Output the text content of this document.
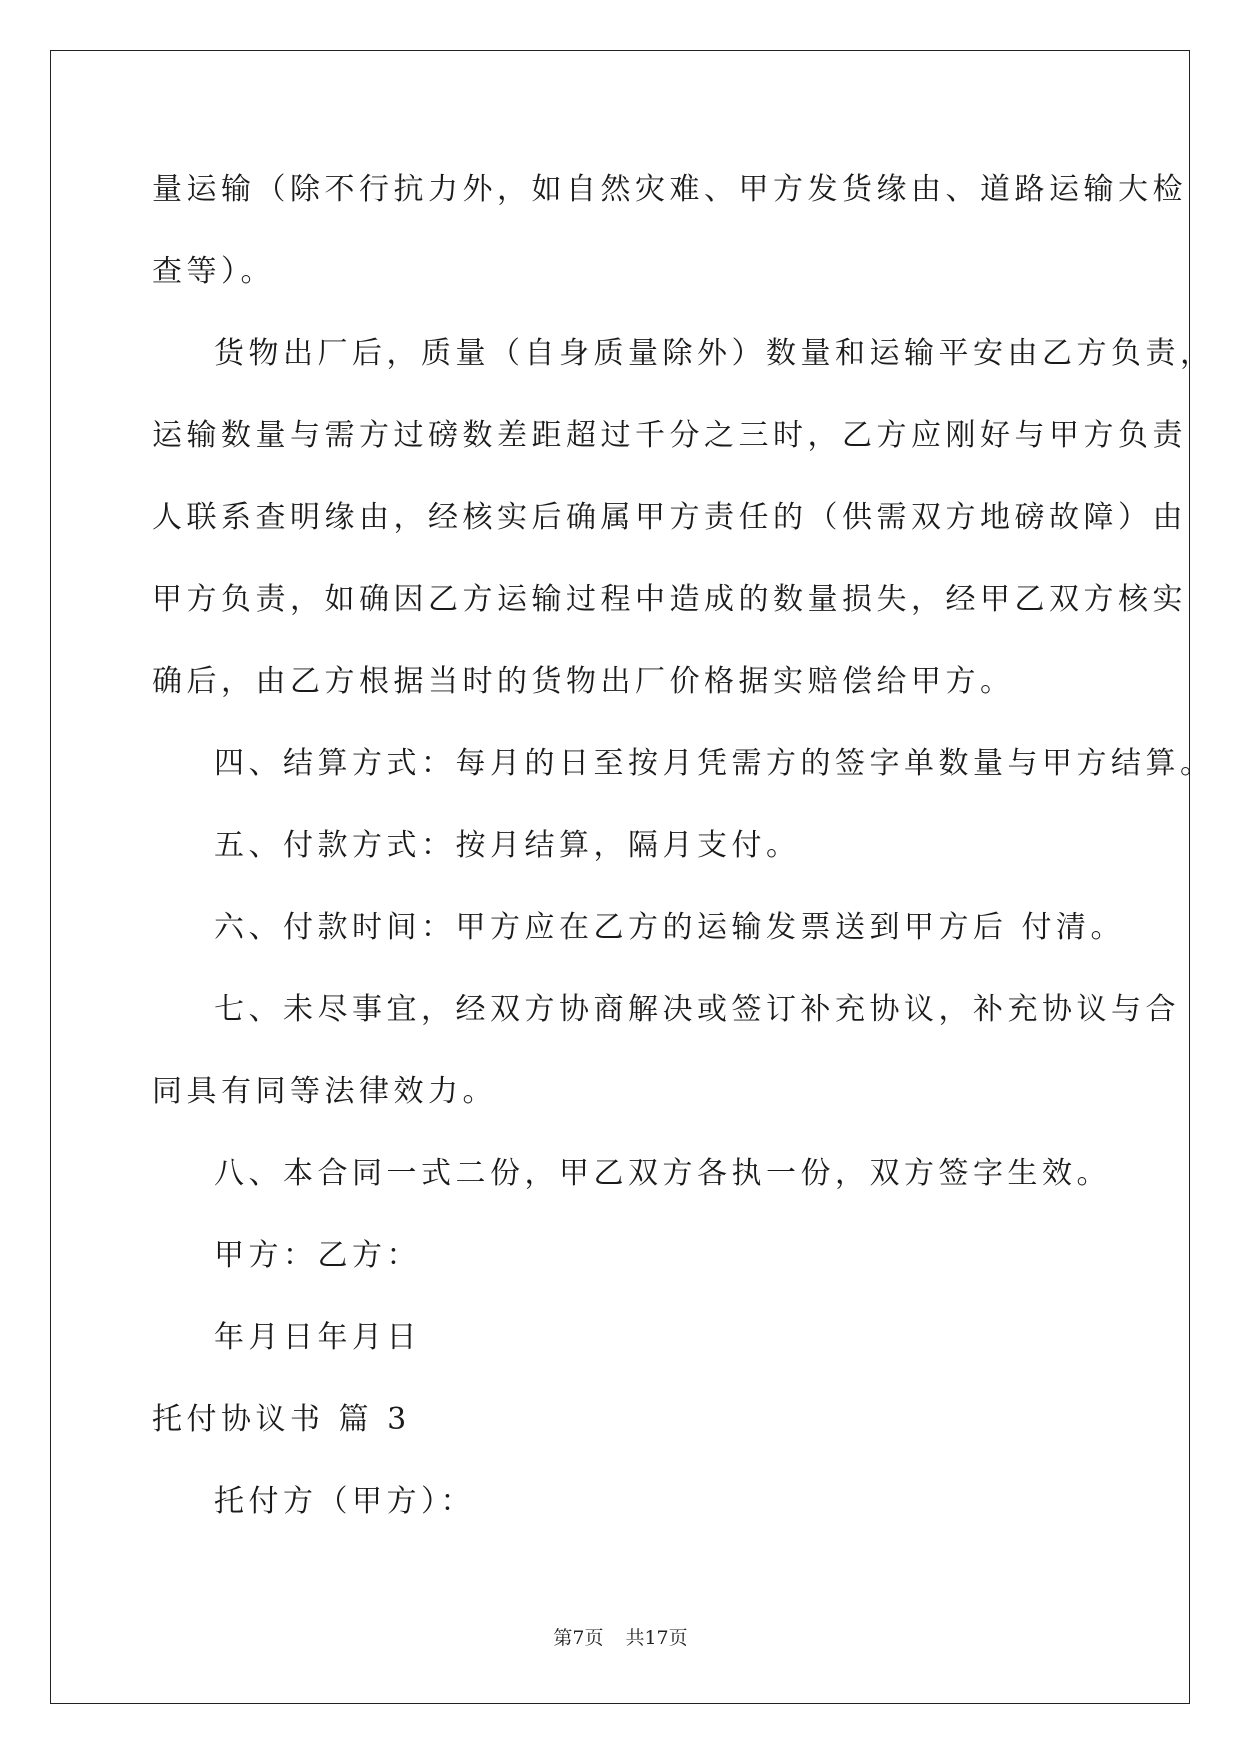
量运输（除不行抗力外，如自然灾难、甲方发货缘由、道路运输大检
查等）。
货物出厂后，质量（自身质量除外）数量和运输平安由乙方负责，
运输数量与需方过磅数差距超过千分之三时，乙方应刚好与甲方负责
人联系查明缘由，经核实后确属甲方责任的（供需双方地磅故障）由
甲方负责，如确因乙方运输过程中造成的数量损失，经甲乙双方核实
确后，由乙方根据当时的货物出厂价格据实赔偿给甲方。
四、结算方式：每月的日至按月凭需方的签字单数量与甲方结算。
五、付款方式：按月结算，隔月支付。
六、付款时间：甲方应在乙方的运输发票送到甲方后 付清。
七、未尽事宜，经双方协商解决或签订补充协议，补充协议与合
同具有同等法律效力。
八、本合同一式二份，甲乙双方各执一份，双方签字生效。
甲方：乙方：
年月日年月日
托付协议书 篇 3
托付方（甲方）：
第7页 共17页
